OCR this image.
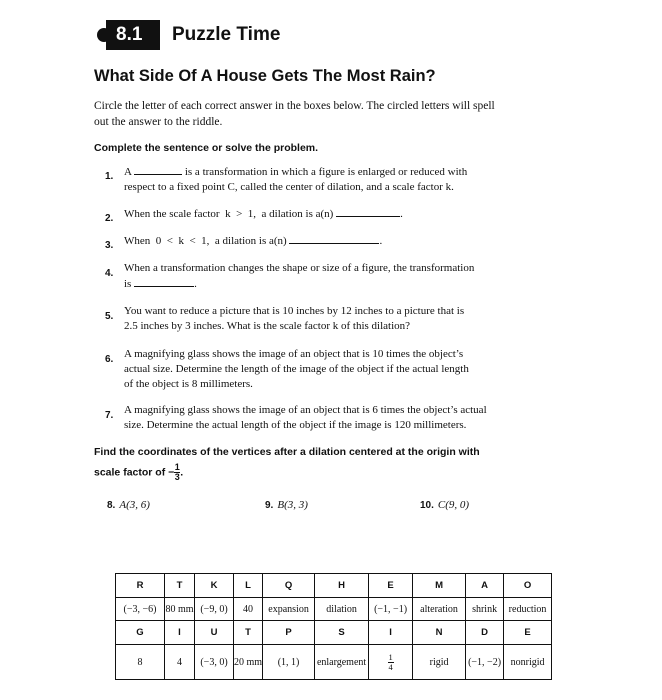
8.1 Puzzle Time
What Side Of A House Gets The Most Rain?
Circle the letter of each correct answer in the boxes below. The circled letters will spell
out the answer to the riddle.
Complete the sentence or solve the problem.
1. A	is a transformation in which a figure is enlarged or reduced with
respect to a fixed point C, called the center of dilation, and a scale factor k.
2. When the scale factor  k  >  1,  a dilation is a(n)	.
3. When  0  <  k  <  1,  a dilation is a(n)	.
4. When a transformation changes the shape or size of a figure, the transformation
is	.
5. You want to reduce a picture that is 10 inches by 12 inches to a picture that is
2.5 inches by 3 inches. What is the scale factor k of this dilation?
6. A magnifying glass shows the image of an object that is 10 times the object’s
actual size. Determine the length of the image of the object if the actual length
of the object is 8 millimeters.
7. A magnifying glass shows the image of an object that is 6 times the object’s actual
size. Determine the actual length of the object if the image is 120 millimeters.
Find the coordinates of the vertices after a dilation centered at the origin with
scale factor of − $\frac{1}{3}$ .
8. A(3, 6)	9. B(3, 3)	10. C(9, 0)
R	T	K	L	Q	H	E	M	A	O
(−3, −6)	80 mm	(−9, 0)	40	expansion	dilation	(−1, −1)	alteration	shrink	reduction
G	I	U	T	P	S	I	N	D	E
8	4	(−3, 0)	20 mm	(1, 1)	enlargement	$\frac{1}{4}$	rigid	(−1, −2)	nonrigid
